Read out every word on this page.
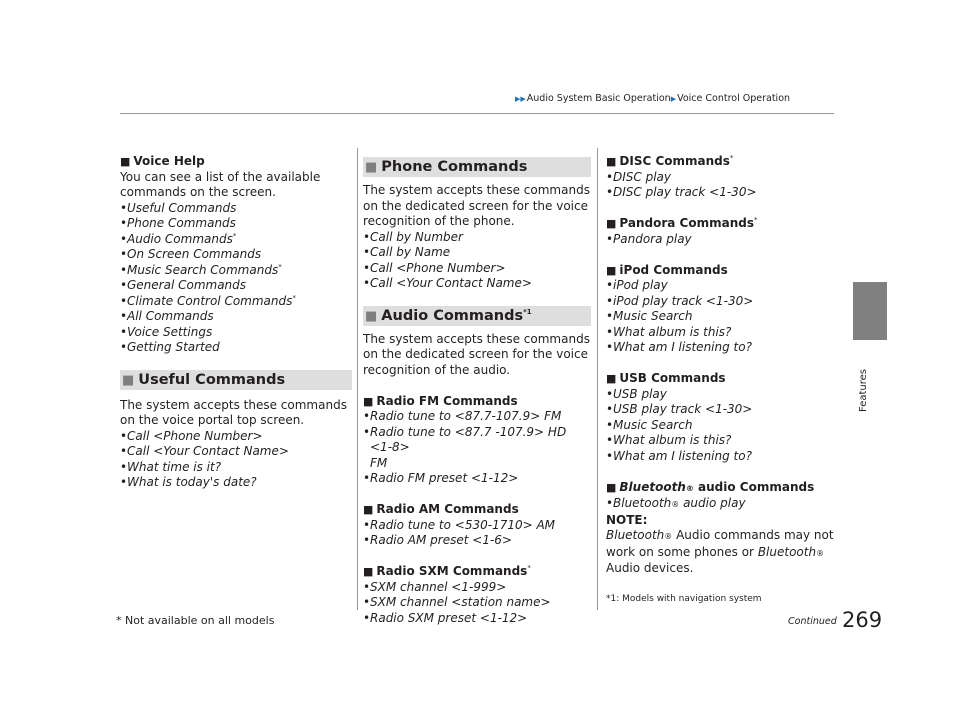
▶▶Audio System Basic Operation▶Voice Control Operation
Features

■ Voice Help

You can see a list of the available commands on the screen.

• Useful Commands

• Phone Commands

• Audio Commands*

• On Screen Commands

• Music Search Commands*

• General Commands

• Climate Control Commands*

• All Commands

• Voice Settings

• Getting Started

■ Useful Commands

The system accepts these commands on the voice portal top screen.

• Call <Phone Number>

• Call <Your Contact Name>

• What time is it?

• What is today's date?

■ Phone Commands

The system accepts these commands on the dedicated screen for the voice recognition of the phone.

• Call by Number

• Call by Name

• Call <Phone Number>

• Call <Your Contact Name>

■ Audio Commands$^{*1}$

The system accepts these commands on the dedicated screen for the voice recognition of the audio.

■ Radio FM Commands

• Radio tune to <87.7-107.9> FM

• Radio tune to <87.7 -107.9> HD <1-8>

FM

• Radio FM preset <1-12>

■ Radio AM Commands

• Radio tune to <530-1710> AM

• Radio AM preset <1-6>

■ Radio SXM Commands*

• SXM channel <1-999>

• SXM channel <station name>

• Radio SXM preset <1-12>

■ DISC Commands*

• DISC play

• DISC play track <1-30>

■ Pandora Commands*

• Pandora play

■ iPod Commands

• iPod play

• iPod play track <1-30>

• Music Search

• What album is this?

• What am I listening to?

■ USB Commands

• USB play

• USB play track <1-30>

• Music Search

• What album is this?

• What am I listening to?

■ Bluetooth® audio Commands

• Bluetooth® audio play

NOTE:

Bluetooth® Audio commands may not work on some phones or Bluetooth® Audio devices.

*1: Models with navigation system
* Not available on all models	Continued 269
